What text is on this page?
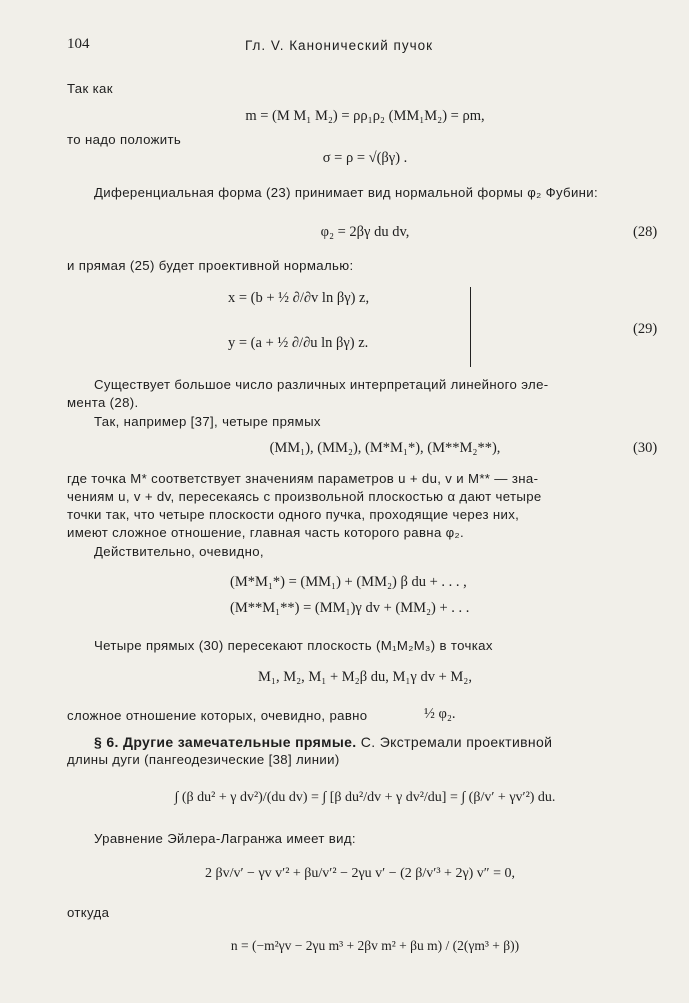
104	Гл. V. Канонический пучок
Так как
m = (M M₁ M₂) = ρρ₁ρ₂ (MM₁M₂) = ρm,
то надо положить
σ = ρ = √(βγ) .
Диференциальная форма (23) принимает вид нормальной формы φ₂ Фубини:
φ₂ = 2βγ du dv,	(28)
и прямая (25) будет проективной нормалью:
x = (b + ½ ∂/∂v ln βγ) z,
y = (a + ½ ∂/∂u ln βγ) z.
(29)
Существует большое число различных интерпретаций линейного эле-
мента (28).
Так, например [37], четыре прямых
(MM₁), (MM₂), (M*M₁*), (M**M₂**),	(30)
где точка M* соответствует значениям параметров u + du, v и M** — зна-
чениям u, v + dv, пересекаясь с произвольной плоскостью α дают четыре
точки так, что четыре плоскости одного пучка, проходящие через них,
имеют сложное отношение, главная часть которого равна φ₂.
Действительно, очевидно,
(M*M₁*) = (MM₁) + (MM₂) β du + . . . ,
(M**M₁**) = (MM₁)γ dv + (MM₂) + . . .
Четыре прямых (30) пересекают плоскость (M₁M₂M₃) в точках
M₁, M₂, M₁ + M₂β du, M₁γ dv + M₂,
сложное отношение которых, очевидно, равно	½ φ₂.
§ 6. Другие замечательные прямые. С. Экстремали проективной
длины дуги (пангеодезические [38] линии)
∫ (β du² + γ dv²)/(du dv) = ∫ [β du²/dv + γ dv²/du] = ∫ (β/v′ + γv′²) du.
Уравнение Эйлера-Лагранжа имеет вид:
2 βv/v′ − γv v′² + βu/v′² − 2γu v′ − (2 β/v′³ + 2γ) v″ = 0,
откуда
n = (−m²γv − 2γu m³ + 2βv m² + βu m) / (2(γm³ + β))
